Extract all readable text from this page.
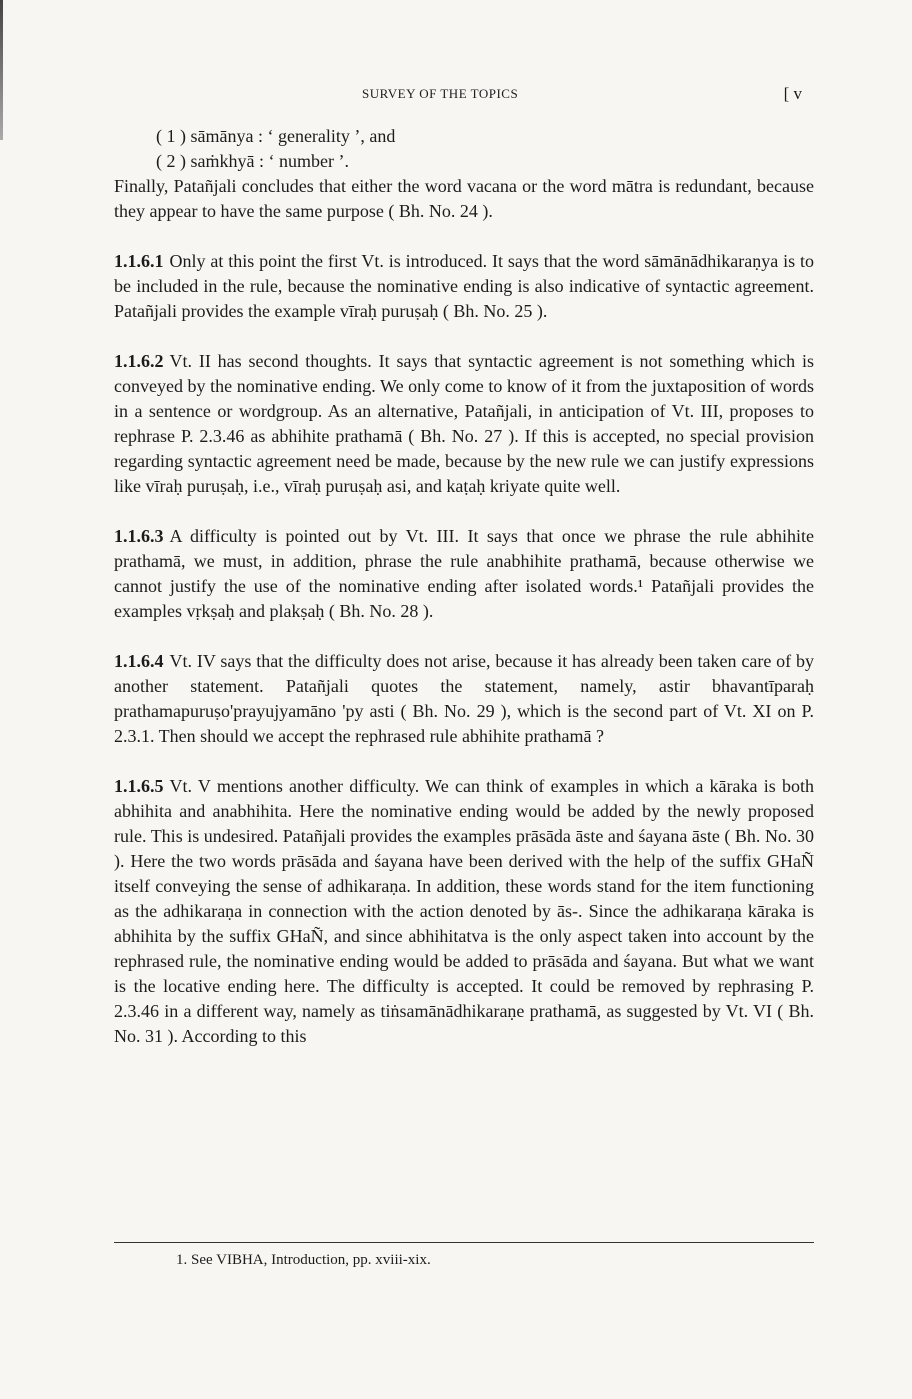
SURVEY OF THE TOPICS	[ v

( 1 ) sāmānya : ‘ generality ’, and

( 2 ) saṁkhyā : ‘ number ’.

Finally, Patañjali concludes that either the word vacana or the word mātra is redundant, because they appear to have the same purpose ( Bh. No. 24 ).

1.1.6.1 Only at this point the first Vt. is introduced. It says that the word sāmānādhikaraṇya is to be included in the rule, because the nominative ending is also indicative of syntactic agreement. Patañjali provides the example vīraḥ puruṣaḥ ( Bh. No. 25 ).

1.1.6.2 Vt. II has second thoughts. It says that syntactic agreement is not something which is conveyed by the nominative ending. We only come to know of it from the juxtaposition of words in a sentence or wordgroup. As an alternative, Patañjali, in anticipation of Vt. III, proposes to rephrase P. 2.3.46 as abhihite prathamā ( Bh. No. 27 ). If this is accepted, no special provision regarding syntactic agreement need be made, because by the new rule we can justify expressions like vīraḥ puruṣaḥ, i.e., vīraḥ puruṣaḥ asi, and kaṭaḥ kriyate quite well.

1.1.6.3 A difficulty is pointed out by Vt. III. It says that once we phrase the rule abhihite prathamā, we must, in addition, phrase the rule anabhihite prathamā, because otherwise we cannot justify the use of the nominative ending after isolated words.¹ Patañjali provides the examples vṛkṣaḥ and plakṣaḥ ( Bh. No. 28 ).

1.1.6.4 Vt. IV says that the difficulty does not arise, because it has already been taken care of by another statement. Patañjali quotes the statement, namely, astir bhavantīparaḥ prathamapuruṣo'prayujyamāno 'py asti ( Bh. No. 29 ), which is the second part of Vt. XI on P. 2.3.1. Then should we accept the rephrased rule abhihite prathamā ?

1.1.6.5 Vt. V mentions another difficulty. We can think of examples in which a kāraka is both abhihita and anabhihita. Here the nominative ending would be added by the newly proposed rule. This is undesired. Patañjali provides the examples prāsāda āste and śayana āste ( Bh. No. 30 ). Here the two words prāsāda and śayana have been derived with the help of the suffix GHaÑ itself conveying the sense of adhikaraṇa. In addition, these words stand for the item functioning as the adhikaraṇa in connection with the action denoted by ās-. Since the adhikaraṇa kāraka is abhihita by the suffix GHaÑ, and since abhihitatva is the only aspect taken into account by the rephrased rule, the nominative ending would be added to prāsāda and śayana. But what we want is the locative ending here. The difficulty is accepted. It could be removed by rephrasing P. 2.3.46 in a different way, namely as tiṅsamānādhikaraṇe prathamā, as suggested by Vt. VI ( Bh. No. 31 ). According to this

1. See VIBHA, Introduction, pp. xviii-xix.
